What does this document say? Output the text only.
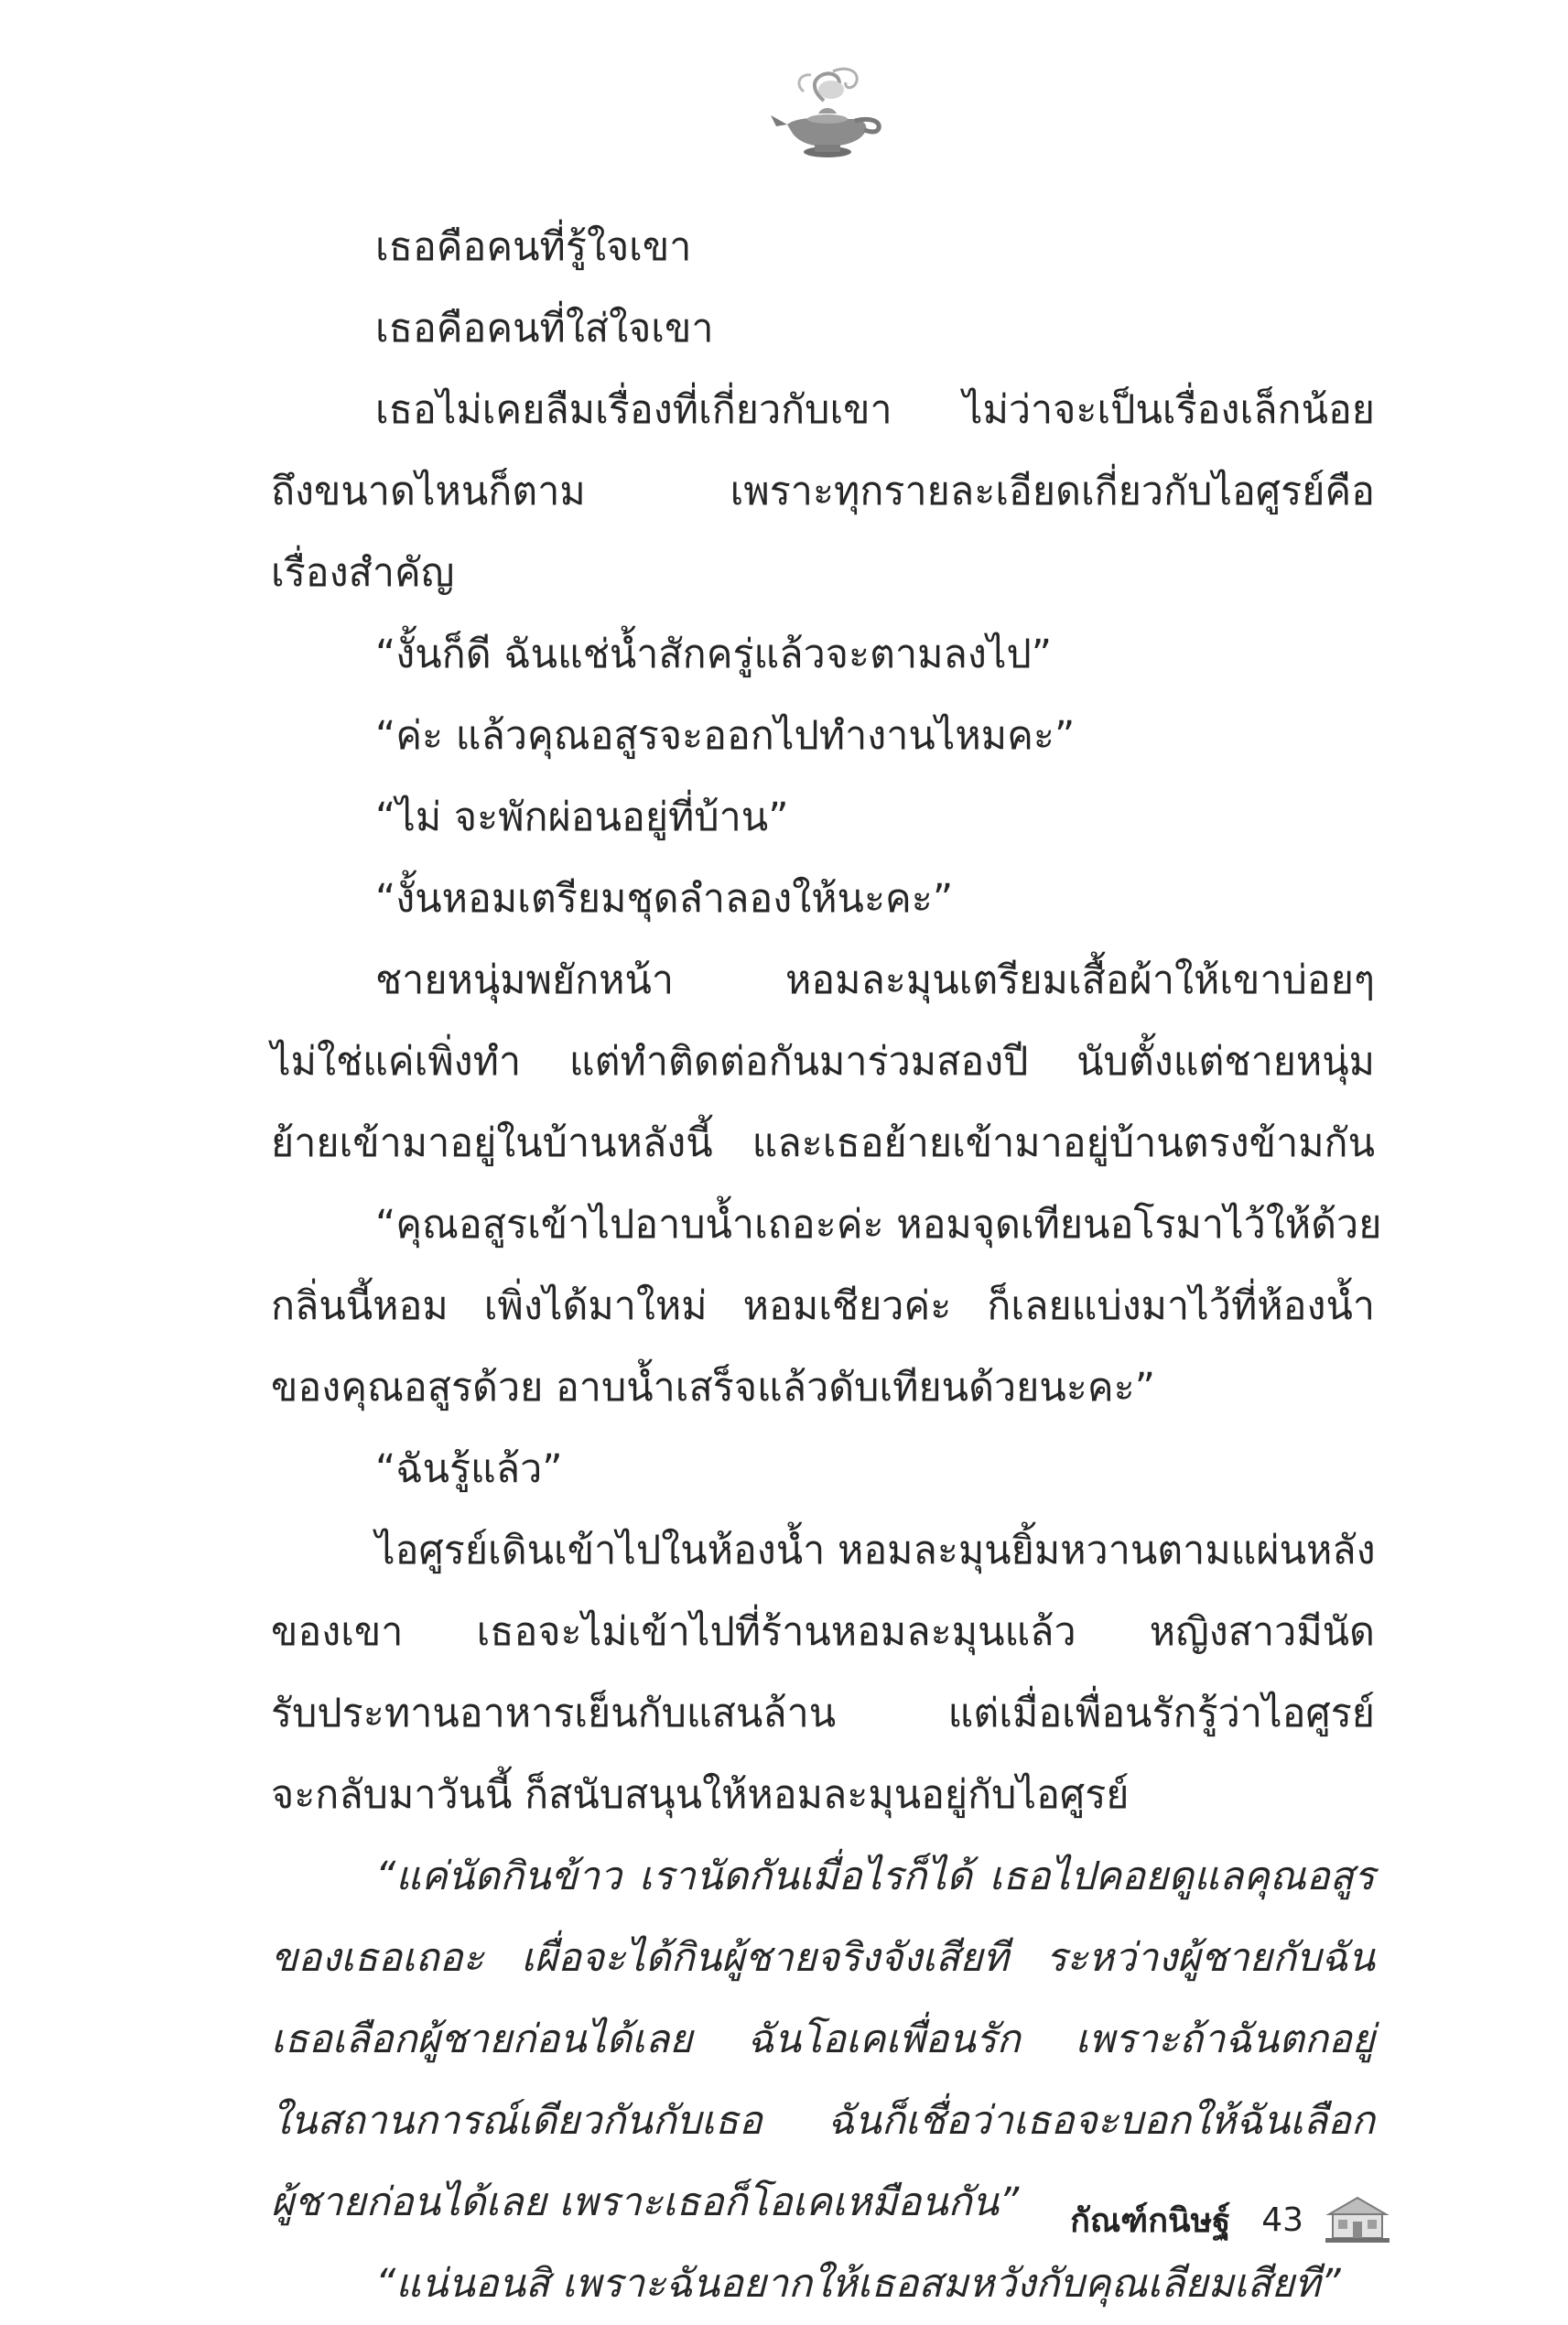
เธอคือคนที่รู้ใจเขา
เธอคือคนที่ใส่ใจเขา
เธอไม่เคยลืมเรื่องที่เกี่ยวกับเขา ไม่ว่าจะเป็นเรื่องเล็กน้อย
ถึงขนาดไหนก็ตาม เพราะทุกรายละเอียดเกี่ยวกับไอศูรย์คือ
เรื่องสำคัญ
“งั้นก็ดี ฉันแช่น้ำสักครู่แล้วจะตามลงไป”
“ค่ะ แล้วคุณอสูรจะออกไปทำงานไหมคะ”
“ไม่ จะพักผ่อนอยู่ที่บ้าน”
“งั้นหอมเตรียมชุดลำลองให้นะคะ”
ชายหนุ่มพยักหน้า หอมละมุนเตรียมเสื้อผ้าให้เขาบ่อยๆ
ไม่ใช่แค่เพิ่งทำ แต่ทำติดต่อกันมาร่วมสองปี นับตั้งแต่ชายหนุ่ม
ย้ายเข้ามาอยู่ในบ้านหลังนี้ และเธอย้ายเข้ามาอยู่บ้านตรงข้ามกัน
“คุณอสูรเข้าไปอาบน้ำเถอะค่ะ หอมจุดเทียนอโรมาไว้ให้ด้วย
กลิ่นนี้หอม เพิ่งได้มาใหม่ หอมเชียวค่ะ ก็เลยแบ่งมาไว้ที่ห้องน้ำ
ของคุณอสูรด้วย อาบน้ำเสร็จแล้วดับเทียนด้วยนะคะ”
“ฉันรู้แล้ว”
ไอศูรย์เดินเข้าไปในห้องน้ำ หอมละมุนยิ้มหวานตามแผ่นหลัง
ของเขา เธอจะไม่เข้าไปที่ร้านหอมละมุนแล้ว หญิงสาวมีนัด
รับประทานอาหารเย็นกับแสนล้าน แต่เมื่อเพื่อนรักรู้ว่าไอศูรย์
จะกลับมาวันนี้ ก็สนับสนุนให้หอมละมุนอยู่กับไอศูรย์
“แค่นัดกินข้าว เรานัดกันเมื่อไรก็ได้ เธอไปคอยดูแลคุณอสูร
ของเธอเถอะ เผื่อจะได้กินผู้ชายจริงจังเสียที ระหว่างผู้ชายกับฉัน
เธอเลือกผู้ชายก่อนได้เลย ฉันโอเคเพื่อนรัก เพราะถ้าฉันตกอยู่
ในสถานการณ์เดียวกันกับเธอ ฉันก็เชื่อว่าเธอจะบอกให้ฉันเลือก
ผู้ชายก่อนได้เลย เพราะเธอก็โอเคเหมือนกัน”
“แน่นอนสิ เพราะฉันอยากให้เธอสมหวังกับคุณเลียมเสียที”
กัณฑ์กนิษฐ์ 43
